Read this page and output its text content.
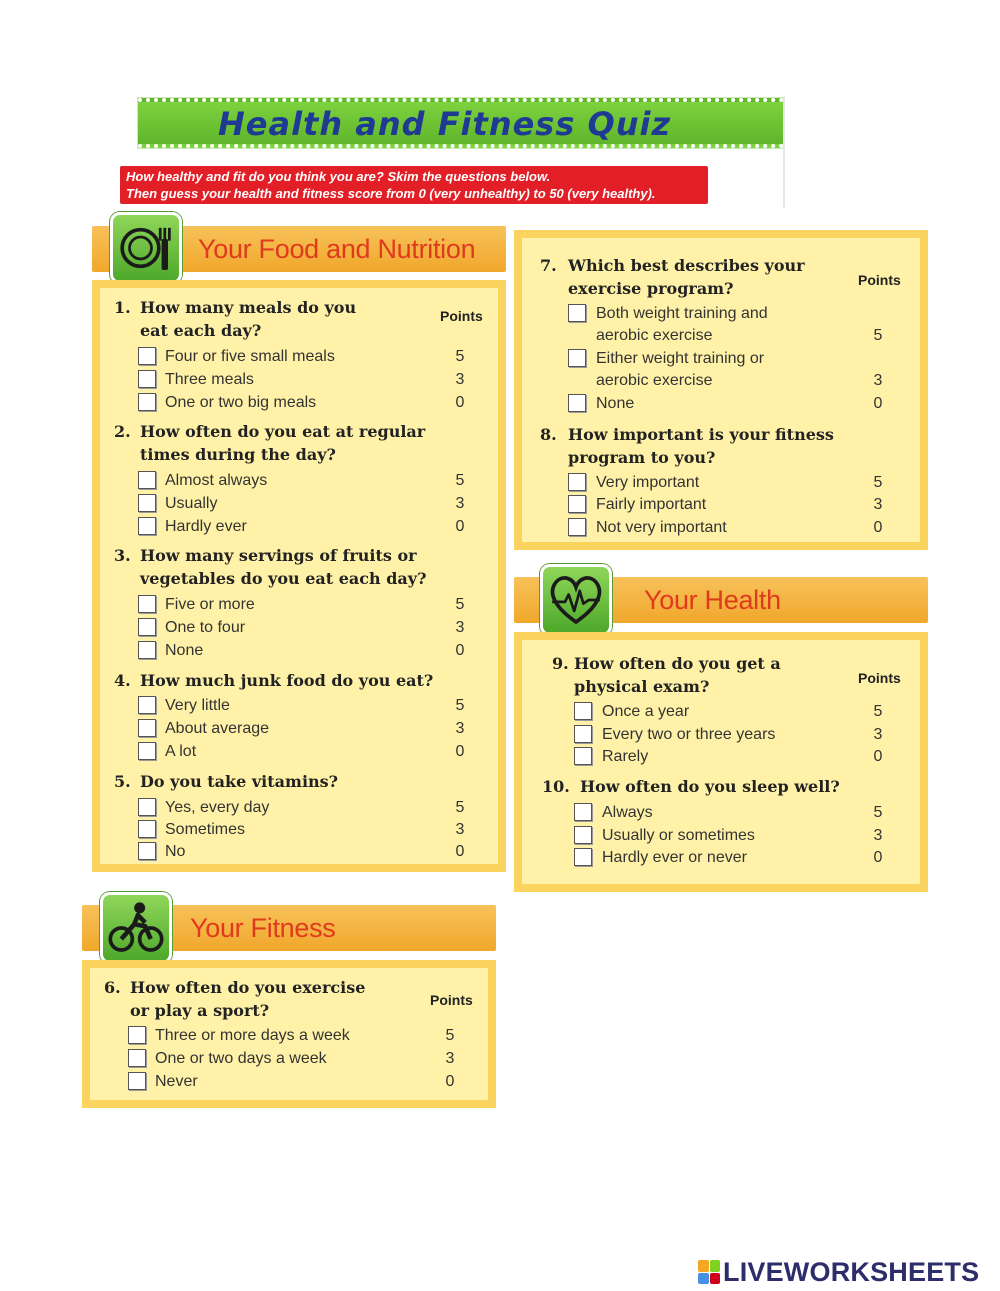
Health and Fitness Quiz
How healthy and fit do you think you are? Skim the questions below.
Then guess your health and fitness score from 0 (very unhealthy) to 50 (very healthy).
Your Food and Nutrition
Points
1. How many meals do you
eat each day?
Four or five small meals	5
Three meals	3
One or two big meals	0
2. How often do you eat at regular
times during the day?
Almost always	5
Usually	3
Hardly ever	0
3. How many servings of fruits or
vegetables do you eat each day?
Five or more	5
One to four	3
None	0
4. How much junk food do you eat?
Very little	5
About average	3
A lot	0
5. Do you take vitamins?
Yes, every day	5
Sometimes	3
No	0
Your Fitness
Points
6. How often do you exercise
or play a sport?
Three or more days a week	5
One or two days a week	3
Never	0
Points
7. Which best describes your
exercise program?
Both weight training and
aerobic exercise	5
Either weight training or
aerobic exercise	3
None	0
8. How important is your fitness
program to you?
Very important	5
Fairly important	3
Not very important	0
Your Health
Points
9. How often do you get a
physical exam?
Once a year	5
Every two or three years	3
Rarely	0
10. How often do you sleep well?
Always	5
Usually or sometimes	3
Hardly ever or never	0
LIVEWORKSHEETS
